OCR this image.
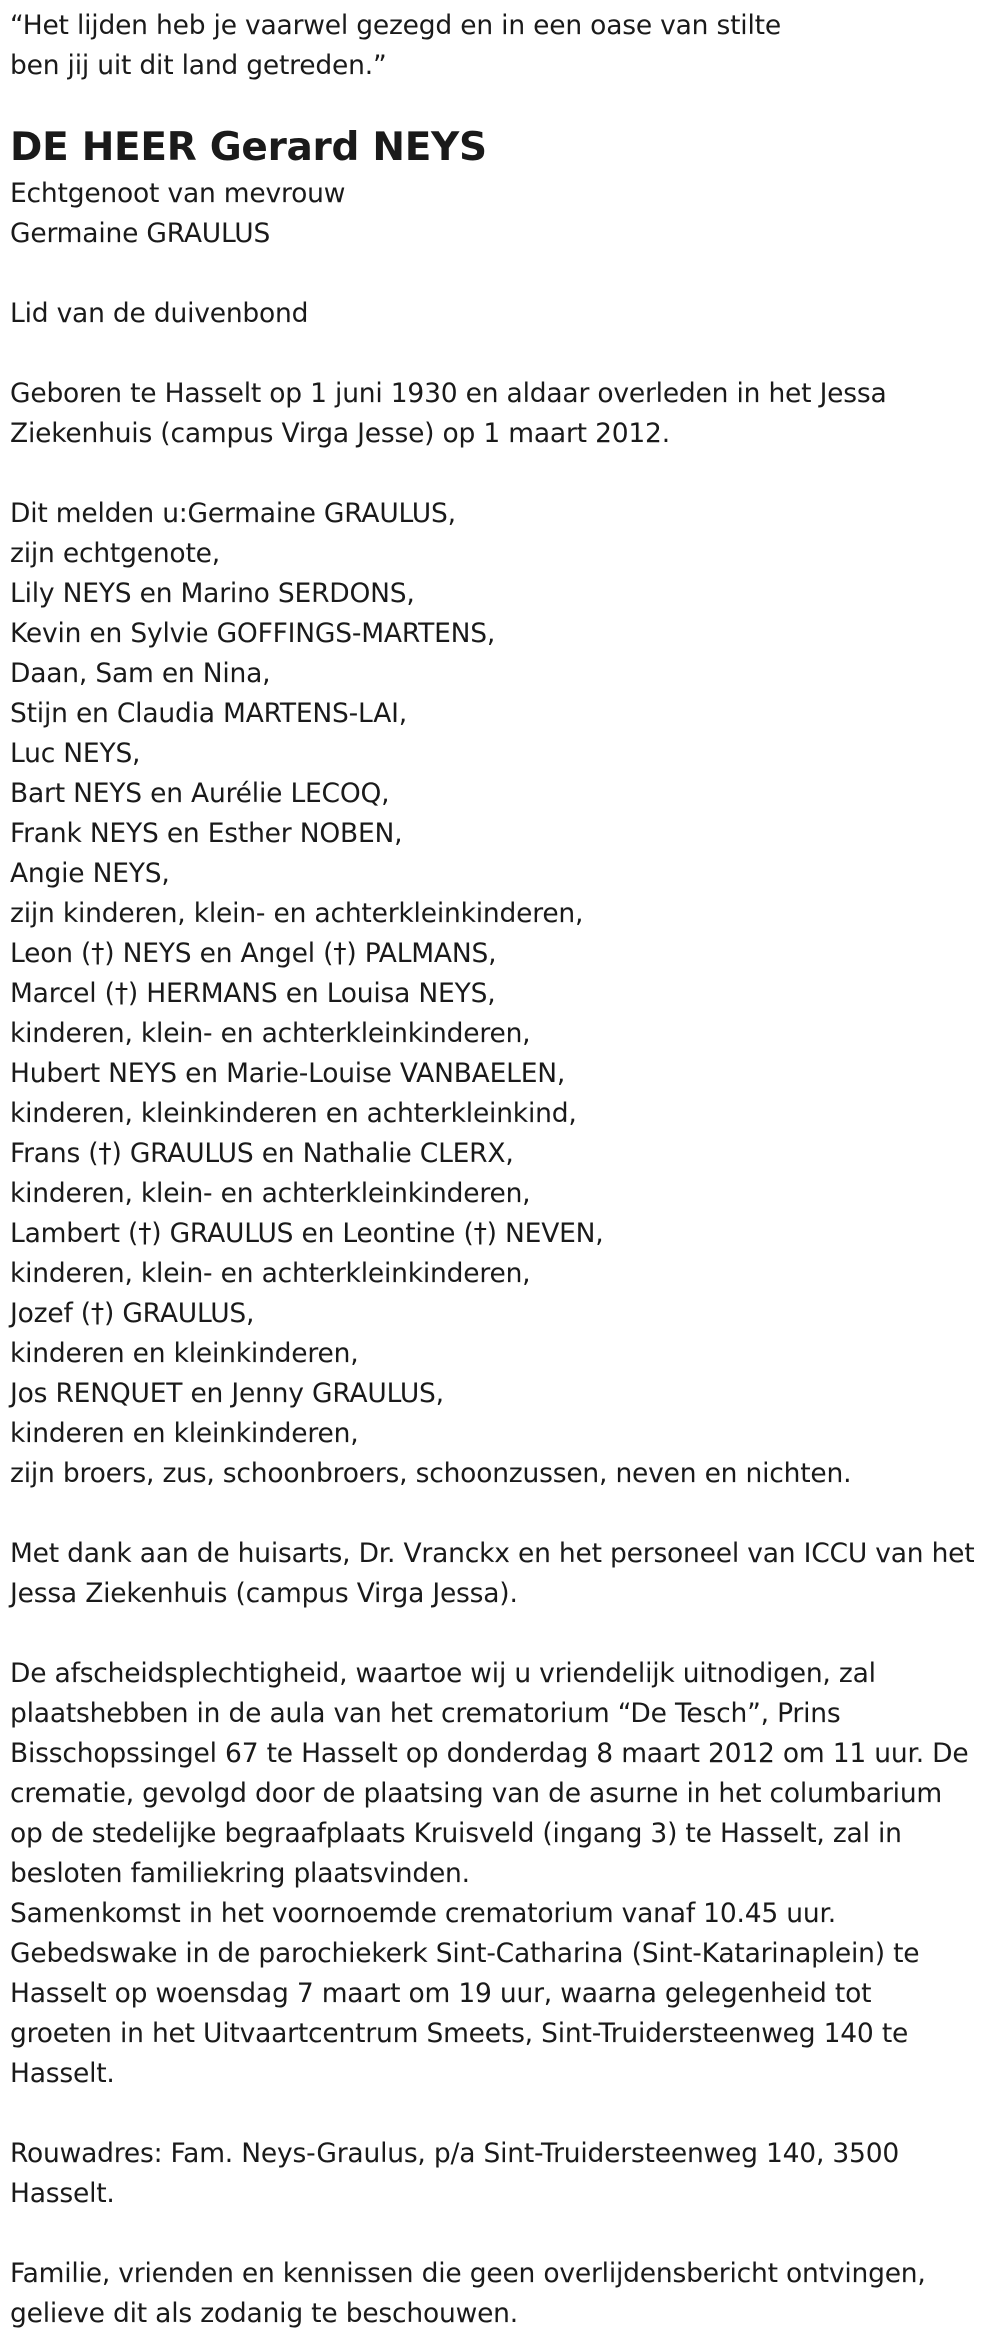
“Het lijden heb je vaarwel gezegd en in een oase van stilte
ben jij uit dit land getreden.”
DE HEER Gerard NEYS
Echtgenoot van mevrouw
Germaine GRAULUS
Lid van de duivenbond
Geboren te Hasselt op 1 juni 1930 en aldaar overleden in het Jessa
Ziekenhuis (campus Virga Jesse) op 1 maart 2012.
Dit melden u:Germaine GRAULUS,
zijn echtgenote,
Lily NEYS en Marino SERDONS,
Kevin en Sylvie GOFFINGS-MARTENS,
Daan, Sam en Nina,
Stijn en Claudia MARTENS-LAI,
Luc NEYS,
Bart NEYS en Aurélie LECOQ,
Frank NEYS en Esther NOBEN,
Angie NEYS,
zijn kinderen, klein- en achterkleinkinderen,
Leon (†) NEYS en Angel (†) PALMANS,
Marcel (†) HERMANS en Louisa NEYS,
kinderen, klein- en achterkleinkinderen,
Hubert NEYS en Marie-Louise VANBAELEN,
kinderen, kleinkinderen en achterkleinkind,
Frans (†) GRAULUS en Nathalie CLERX,
kinderen, klein- en achterkleinkinderen,
Lambert (†) GRAULUS en Leontine (†) NEVEN,
kinderen, klein- en achterkleinkinderen,
Jozef (†) GRAULUS,
kinderen en kleinkinderen,
Jos RENQUET en Jenny GRAULUS,
kinderen en kleinkinderen,
zijn broers, zus, schoonbroers, schoonzussen, neven en nichten.
Met dank aan de huisarts, Dr. Vranckx en het personeel van ICCU van het
Jessa Ziekenhuis (campus Virga Jessa).
De afscheidsplechtigheid, waartoe wij u vriendelijk uitnodigen, zal
plaatshebben in de aula van het crematorium “De Tesch”, Prins
Bisschopssingel 67 te Hasselt op donderdag 8 maart 2012 om 11 uur. De
crematie, gevolgd door de plaatsing van de asurne in het columbarium
op de stedelijke begraafplaats Kruisveld (ingang 3) te Hasselt, zal in
besloten familiekring plaatsvinden.
Samenkomst in het voornoemde crematorium vanaf 10.45 uur.
Gebedswake in de parochiekerk Sint-Catharina (Sint-Katarinaplein) te
Hasselt op woensdag 7 maart om 19 uur, waarna gelegenheid tot
groeten in het Uitvaartcentrum Smeets, Sint-Truidersteenweg 140 te
Hasselt.
Rouwadres: Fam. Neys-Graulus, p/a Sint-Truidersteenweg 140, 3500
Hasselt.
Familie, vrienden en kennissen die geen overlijdensbericht ontvingen,
gelieve dit als zodanig te beschouwen.
